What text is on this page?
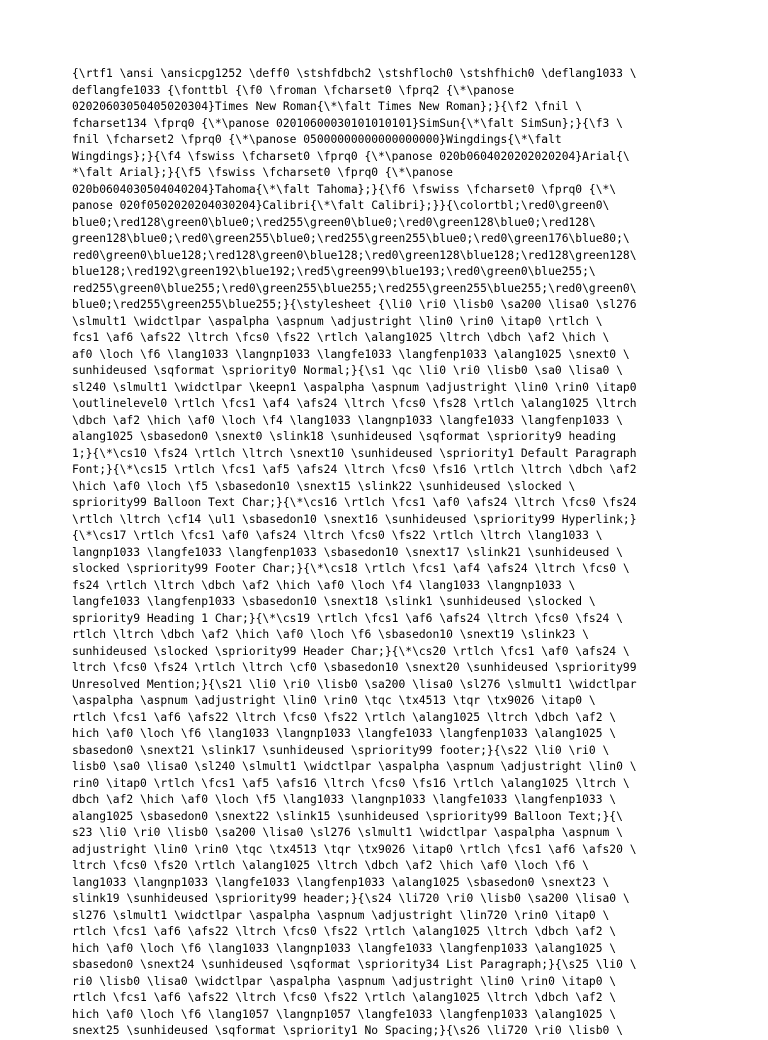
{\rtf1 \ansi \ansicpg1252 \deff0 \stshfdbch2 \stshfloch0 \stshfhich0 \deflang1033 \
deflangfe1033 {\fonttbl {\f0 \froman \fcharset0 \fprq2 {\*\panose
02020603050405020304}Times New Roman{\*\falt Times New Roman};}{\f2 \fnil \
fcharset134 \fprq0 {\*\panose 02010600030101010101}SimSun{\*\falt SimSun};}{\f3 \
fnil \fcharset2 \fprq0 {\*\panose 05000000000000000000}Wingdings{\*\falt
Wingdings};}{\f4 \fswiss \fcharset0 \fprq0 {\*\panose 020b0604020202020204}Arial{\
*\falt Arial};}{\f5 \fswiss \fcharset0 \fprq0 {\*\panose
020b0604030504040204}Tahoma{\*\falt Tahoma};}{\f6 \fswiss \fcharset0 \fprq0 {\*\
panose 020f0502020204030204}Calibri{\*\falt Calibri};}}{\colortbl;\red0\green0\
blue0;\red128\green0\blue0;\red255\green0\blue0;\red0\green128\blue0;\red128\
green128\blue0;\red0\green255\blue0;\red255\green255\blue0;\red0\green176\blue80;\
red0\green0\blue128;\red128\green0\blue128;\red0\green128\blue128;\red128\green128\
blue128;\red192\green192\blue192;\red5\green99\blue193;\red0\green0\blue255;\
red255\green0\blue255;\red0\green255\blue255;\red255\green255\blue255;\red0\green0\
blue0;\red255\green255\blue255;}{\stylesheet {\li0 \ri0 \lisb0 \sa200 \lisa0 \sl276
\slmult1 \widctlpar \aspalpha \aspnum \adjustright \lin0 \rin0 \itap0 \rtlch \
fcs1 \af6 \afs22 \ltrch \fcs0 \fs22 \rtlch \alang1025 \ltrch \dbch \af2 \hich \
af0 \loch \f6 \lang1033 \langnp1033 \langfe1033 \langfenp1033 \alang1025 \snext0 \
sunhideused \sqformat \spriority0 Normal;}{\s1 \qc \li0 \ri0 \lisb0 \sa0 \lisa0 \
sl240 \slmult1 \widctlpar \keepn1 \aspalpha \aspnum \adjustright \lin0 \rin0 \itap0
\outlinelevel0 \rtlch \fcs1 \af4 \afs24 \ltrch \fcs0 \fs28 \rtlch \alang1025 \ltrch
\dbch \af2 \hich \af0 \loch \f4 \lang1033 \langnp1033 \langfe1033 \langfenp1033 \
alang1025 \sbasedon0 \snext0 \slink18 \sunhideused \sqformat \spriority9 heading
1;}{\*\cs10 \fs24 \rtlch \ltrch \snext10 \sunhideused \spriority1 Default Paragraph
Font;}{\*\cs15 \rtlch \fcs1 \af5 \afs24 \ltrch \fcs0 \fs16 \rtlch \ltrch \dbch \af2
\hich \af0 \loch \f5 \sbasedon10 \snext15 \slink22 \sunhideused \slocked \
spriority99 Balloon Text Char;}{\*\cs16 \rtlch \fcs1 \af0 \afs24 \ltrch \fcs0 \fs24
\rtlch \ltrch \cf14 \ul1 \sbasedon10 \snext16 \sunhideused \spriority99 Hyperlink;}
{\*\cs17 \rtlch \fcs1 \af0 \afs24 \ltrch \fcs0 \fs22 \rtlch \ltrch \lang1033 \
langnp1033 \langfe1033 \langfenp1033 \sbasedon10 \snext17 \slink21 \sunhideused \
slocked \spriority99 Footer Char;}{\*\cs18 \rtlch \fcs1 \af4 \afs24 \ltrch \fcs0 \
fs24 \rtlch \ltrch \dbch \af2 \hich \af0 \loch \f4 \lang1033 \langnp1033 \
langfe1033 \langfenp1033 \sbasedon10 \snext18 \slink1 \sunhideused \slocked \
spriority9 Heading 1 Char;}{\*\cs19 \rtlch \fcs1 \af6 \afs24 \ltrch \fcs0 \fs24 \
rtlch \ltrch \dbch \af2 \hich \af0 \loch \f6 \sbasedon10 \snext19 \slink23 \
sunhideused \slocked \spriority99 Header Char;}{\*\cs20 \rtlch \fcs1 \af0 \afs24 \
ltrch \fcs0 \fs24 \rtlch \ltrch \cf0 \sbasedon10 \snext20 \sunhideused \spriority99
Unresolved Mention;}{\s21 \li0 \ri0 \lisb0 \sa200 \lisa0 \sl276 \slmult1 \widctlpar
\aspalpha \aspnum \adjustright \lin0 \rin0 \tqc \tx4513 \tqr \tx9026 \itap0 \
rtlch \fcs1 \af6 \afs22 \ltrch \fcs0 \fs22 \rtlch \alang1025 \ltrch \dbch \af2 \
hich \af0 \loch \f6 \lang1033 \langnp1033 \langfe1033 \langfenp1033 \alang1025 \
sbasedon0 \snext21 \slink17 \sunhideused \spriority99 footer;}{\s22 \li0 \ri0 \
lisb0 \sa0 \lisa0 \sl240 \slmult1 \widctlpar \aspalpha \aspnum \adjustright \lin0 \
rin0 \itap0 \rtlch \fcs1 \af5 \afs16 \ltrch \fcs0 \fs16 \rtlch \alang1025 \ltrch \
dbch \af2 \hich \af0 \loch \f5 \lang1033 \langnp1033 \langfe1033 \langfenp1033 \
alang1025 \sbasedon0 \snext22 \slink15 \sunhideused \spriority99 Balloon Text;}{\
s23 \li0 \ri0 \lisb0 \sa200 \lisa0 \sl276 \slmult1 \widctlpar \aspalpha \aspnum \
adjustright \lin0 \rin0 \tqc \tx4513 \tqr \tx9026 \itap0 \rtlch \fcs1 \af6 \afs20 \
ltrch \fcs0 \fs20 \rtlch \alang1025 \ltrch \dbch \af2 \hich \af0 \loch \f6 \
lang1033 \langnp1033 \langfe1033 \langfenp1033 \alang1025 \sbasedon0 \snext23 \
slink19 \sunhideused \spriority99 header;}{\s24 \li720 \ri0 \lisb0 \sa200 \lisa0 \
sl276 \slmult1 \widctlpar \aspalpha \aspnum \adjustright \lin720 \rin0 \itap0 \
rtlch \fcs1 \af6 \afs22 \ltrch \fcs0 \fs22 \rtlch \alang1025 \ltrch \dbch \af2 \
hich \af0 \loch \f6 \lang1033 \langnp1033 \langfe1033 \langfenp1033 \alang1025 \
sbasedon0 \snext24 \sunhideused \sqformat \spriority34 List Paragraph;}{\s25 \li0 \
ri0 \lisb0 \lisa0 \widctlpar \aspalpha \aspnum \adjustright \lin0 \rin0 \itap0 \
rtlch \fcs1 \af6 \afs22 \ltrch \fcs0 \fs22 \rtlch \alang1025 \ltrch \dbch \af2 \
hich \af0 \loch \f6 \lang1057 \langnp1057 \langfe1033 \langfenp1033 \alang1025 \
snext25 \sunhideused \sqformat \spriority1 No Spacing;}{\s26 \li720 \ri0 \lisb0 \
